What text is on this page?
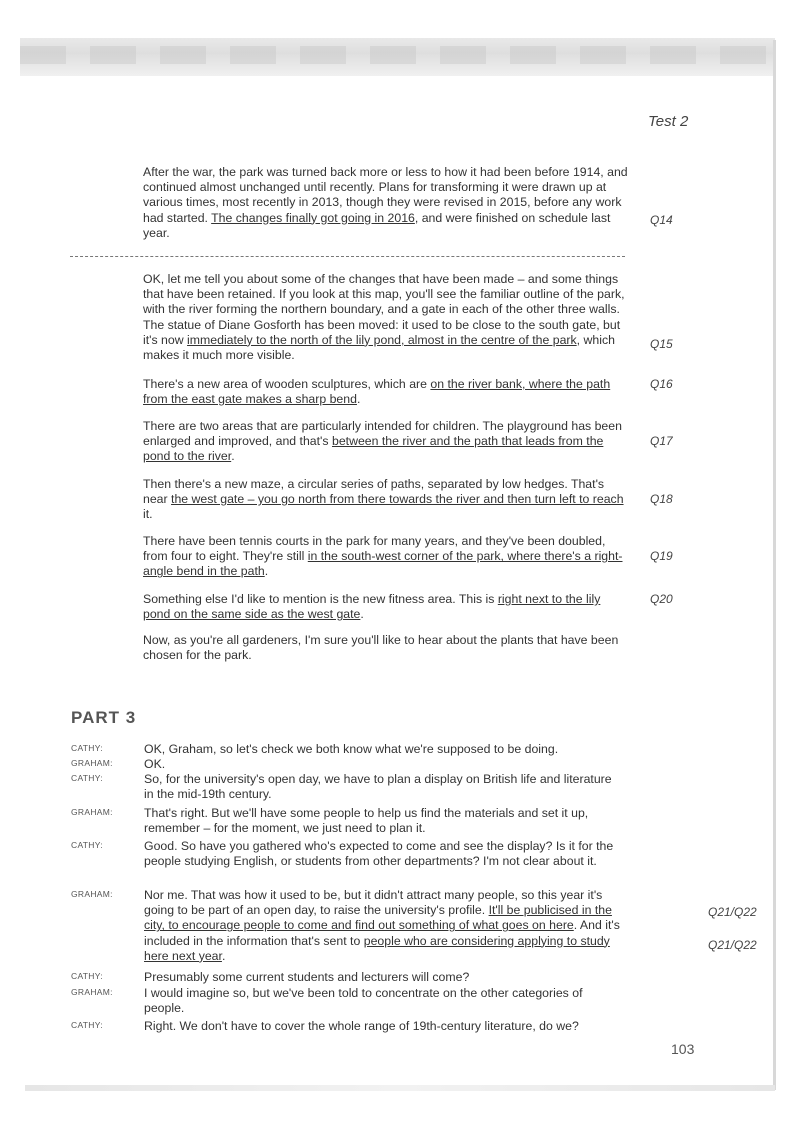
Test 2
After the war, the park was turned back more or less to how it had been before 1914, and continued almost unchanged until recently. Plans for transforming it were drawn up at various times, most recently in 2013, though they were revised in 2015, before any work had started. The changes finally got going in 2016, and were finished on schedule last year.
Q14
OK, let me tell you about some of the changes that have been made – and some things that have been retained. If you look at this map, you'll see the familiar outline of the park, with the river forming the northern boundary, and a gate in each of the other three walls. The statue of Diane Gosforth has been moved: it used to be close to the south gate, but it's now immediately to the north of the lily pond, almost in the centre of the park, which makes it much more visible.
Q15
There's a new area of wooden sculptures, which are on the river bank, where the path from the east gate makes a sharp bend.
Q16
There are two areas that are particularly intended for children. The playground has been enlarged and improved, and that's between the river and the path that leads from the pond to the river.
Q17
Then there's a new maze, a circular series of paths, separated by low hedges. That's near the west gate – you go north from there towards the river and then turn left to reach it.
Q18
There have been tennis courts in the park for many years, and they've been doubled, from four to eight. They're still in the south-west corner of the park, where there's a right-angle bend in the path.
Q19
Something else I'd like to mention is the new fitness area. This is right next to the lily pond on the same side as the west gate.
Q20
Now, as you're all gardeners, I'm sure you'll like to hear about the plants that have been chosen for the park.
PART 3
CATHY:	OK, Graham, so let's check we both know what we're supposed to be doing.
GRAHAM:	OK.
CATHY:	So, for the university's open day, we have to plan a display on British life and literature in the mid-19th century.
GRAHAM:	That's right. But we'll have some people to help us find the materials and set it up, remember – for the moment, we just need to plan it.
CATHY:	Good. So have you gathered who's expected to come and see the display? Is it for the people studying English, or students from other departments? I'm not clear about it.
GRAHAM:	Nor me. That was how it used to be, but it didn't attract many people, so this year it's going to be part of an open day, to raise the university's profile. It'll be publicised in the city, to encourage people to come and find out something of what goes on here. And it's included in the information that's sent to people who are considering applying to study here next year.
Q21/Q22
Q21/Q22
CATHY:	Presumably some current students and lecturers will come?
GRAHAM:	I would imagine so, but we've been told to concentrate on the other categories of people.
CATHY:	Right. We don't have to cover the whole range of 19th-century literature, do we?
103
